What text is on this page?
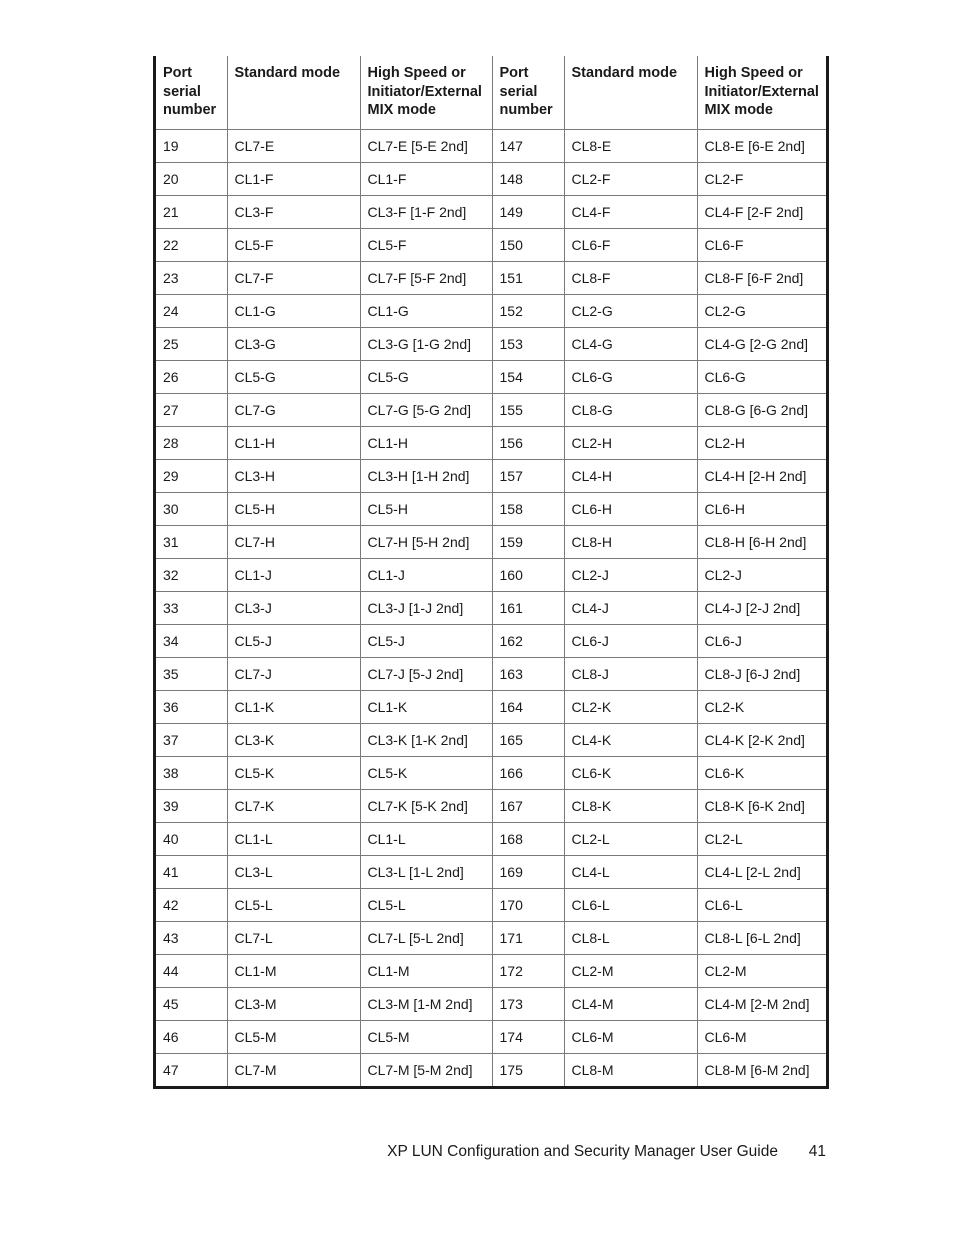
Port serial number	Standard mode	High Speed or Initiator/External MIX mode	Port serial number	Standard mode	High Speed or Initiator/External MIX mode
19	CL7-E	CL7-E [5-E 2nd]	147	CL8-E	CL8-E [6-E 2nd]
20	CL1-F	CL1-F	148	CL2-F	CL2-F
21	CL3-F	CL3-F [1-F 2nd]	149	CL4-F	CL4-F [2-F 2nd]
22	CL5-F	CL5-F	150	CL6-F	CL6-F
23	CL7-F	CL7-F [5-F 2nd]	151	CL8-F	CL8-F [6-F 2nd]
24	CL1-G	CL1-G	152	CL2-G	CL2-G
25	CL3-G	CL3-G [1-G 2nd]	153	CL4-G	CL4-G [2-G 2nd]
26	CL5-G	CL5-G	154	CL6-G	CL6-G
27	CL7-G	CL7-G [5-G 2nd]	155	CL8-G	CL8-G [6-G 2nd]
28	CL1-H	CL1-H	156	CL2-H	CL2-H
29	CL3-H	CL3-H [1-H 2nd]	157	CL4-H	CL4-H [2-H 2nd]
30	CL5-H	CL5-H	158	CL6-H	CL6-H
31	CL7-H	CL7-H [5-H 2nd]	159	CL8-H	CL8-H [6-H 2nd]
32	CL1-J	CL1-J	160	CL2-J	CL2-J
33	CL3-J	CL3-J [1-J 2nd]	161	CL4-J	CL4-J [2-J 2nd]
34	CL5-J	CL5-J	162	CL6-J	CL6-J
35	CL7-J	CL7-J [5-J 2nd]	163	CL8-J	CL8-J [6-J 2nd]
36	CL1-K	CL1-K	164	CL2-K	CL2-K
37	CL3-K	CL3-K [1-K 2nd]	165	CL4-K	CL4-K [2-K 2nd]
38	CL5-K	CL5-K	166	CL6-K	CL6-K
39	CL7-K	CL7-K [5-K 2nd]	167	CL8-K	CL8-K [6-K 2nd]
40	CL1-L	CL1-L	168	CL2-L	CL2-L
41	CL3-L	CL3-L [1-L 2nd]	169	CL4-L	CL4-L [2-L 2nd]
42	CL5-L	CL5-L	170	CL6-L	CL6-L
43	CL7-L	CL7-L [5-L 2nd]	171	CL8-L	CL8-L [6-L 2nd]
44	CL1-M	CL1-M	172	CL2-M	CL2-M
45	CL3-M	CL3-M [1-M 2nd]	173	CL4-M	CL4-M [2-M 2nd]
46	CL5-M	CL5-M	174	CL6-M	CL6-M
47	CL7-M	CL7-M [5-M 2nd]	175	CL8-M	CL8-M [6-M 2nd]
XP LUN Configuration and Security Manager User Guide 41
